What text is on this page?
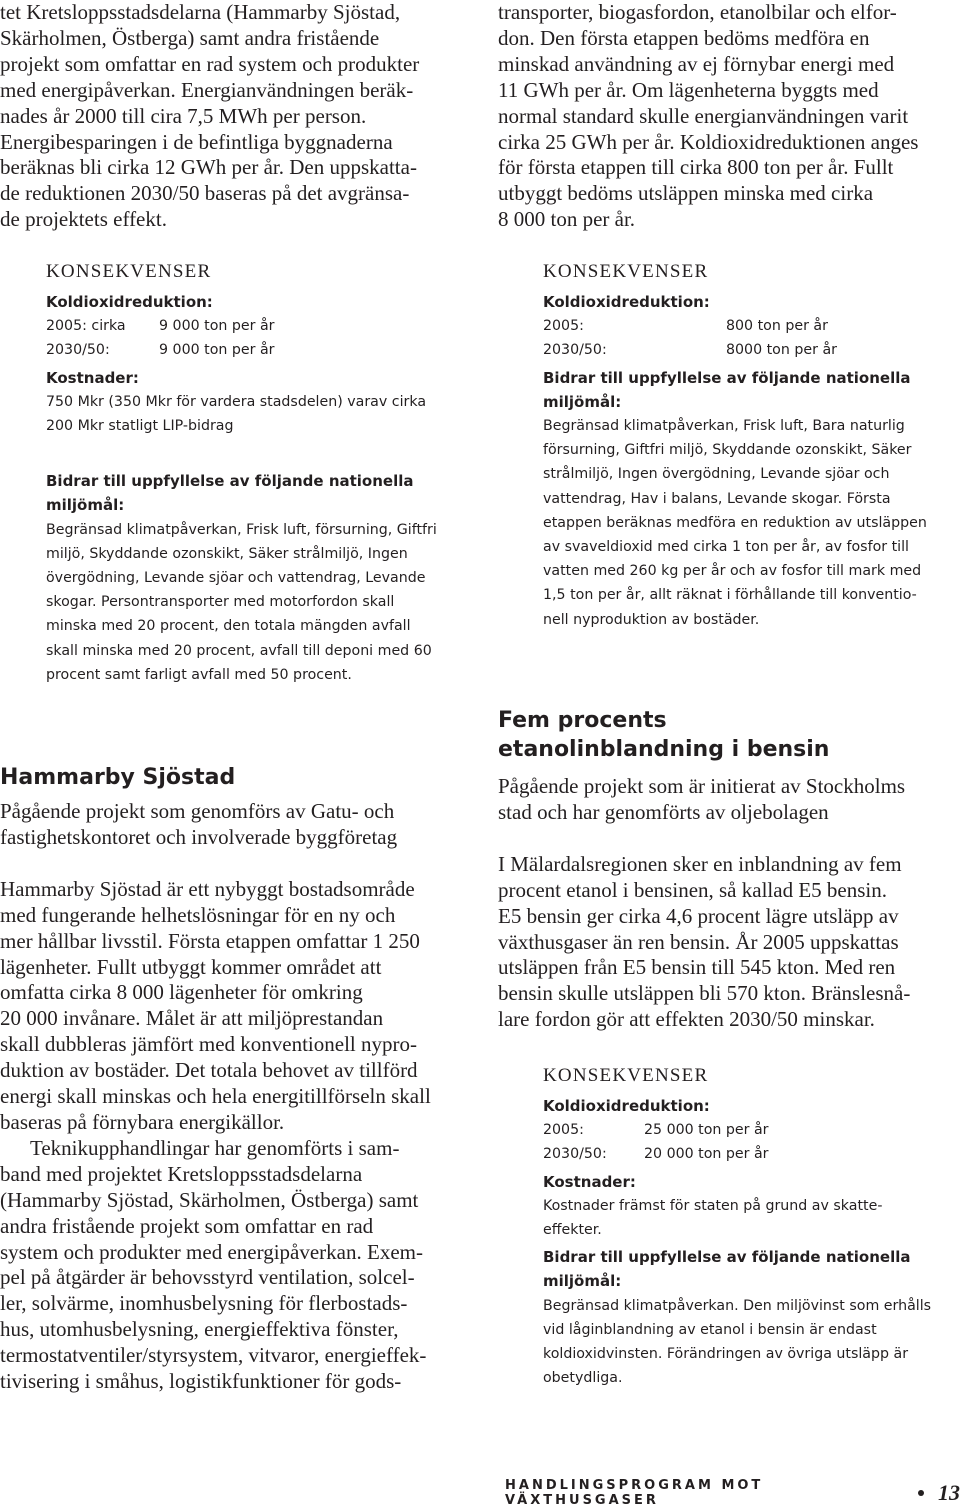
tet Kretsloppsstadsdelarna (Hammarby Sjöstad,
Skärholmen, Östberga) samt andra fristående
projekt som omfattar en rad system och produkter
med energipåverkan. Energianvändningen beräk-
nades år 2000 till cira 7,5 MWh per person.
Energibesparingen i de befintliga byggnaderna
beräknas bli cirka 12 GWh per år. Den uppskatta-
de reduktionen 2030/50 baseras på det avgränsa-
de projektets effekt.
KONSEKVENSER
Koldioxidreduktion:
2005: cirka	9 000 ton per år
2030/50:	9 000 ton per år
Kostnader:
750 Mkr (350 Mkr för vardera stadsdelen) varav cirka
200 Mkr statligt LIP-bidrag
Bidrar till uppfyllelse av följande nationella
miljömål:
Begränsad klimatpåverkan, Frisk luft, försurning, Giftfri
miljö, Skyddande ozonskikt, Säker strålmiljö, Ingen
övergödning, Levande sjöar och vattendrag, Levande
skogar. Persontransporter med motorfordon skall
minska med 20 procent, den totala mängden avfall
skall minska med 20 procent, avfall till deponi med 60
procent samt farligt avfall med 50 procent.
Hammarby Sjöstad
Pågående projekt som genomförs av Gatu- och
fastighetskontoret och involverade byggföretag
Hammarby Sjöstad är ett nybyggt bostadsområde
med fungerande helhetslösningar för en ny och
mer hållbar livsstil. Första etappen omfattar 1 250
lägenheter. Fullt utbyggt kommer området att
omfatta cirka 8 000 lägenheter för omkring
20 000 invånare. Målet är att miljöprestandan
skall dubbleras jämfört med konventionell nypro-
duktion av bostäder. Det totala behovet av tillförd
energi skall minskas och hela energitillförseln skall
baseras på förnybara energikällor.
Teknikupphandlingar har genomförts i sam-
band med projektet Kretsloppsstadsdelarna
(Hammarby Sjöstad, Skärholmen, Östberga) samt
andra fristående projekt som omfattar en rad
system och produkter med energipåverkan. Exem-
pel på åtgärder är behovsstyrd ventilation, solcel-
ler, solvärme, inomhusbelysning för flerbostads-
hus, utomhusbelysning, energieffektiva fönster,
termostatventiler/styrsystem, vitvaror, energieffek-
tivisering i småhus, logistikfunktioner för gods-
transporter, biogasfordon, etanolbilar och elfor-
don. Den första etappen bedöms medföra en
minskad användning av ej förnybar energi med
11 GWh per år. Om lägenheterna byggts med
normal standard skulle energianvändningen varit
cirka 25 GWh per år. Koldioxidreduktionen anges
för första etappen till cirka 800 ton per år. Fullt
utbyggt bedöms utsläppen minska med cirka
8 000 ton per år.
KONSEKVENSER
Koldioxidreduktion:
2005:	800 ton per år
2030/50:	8000 ton per år
Bidrar till uppfyllelse av följande nationella
miljömål:
Begränsad klimatpåverkan, Frisk luft, Bara naturlig
försurning, Giftfri miljö, Skyddande ozonskikt, Säker
strålmiljö, Ingen övergödning, Levande sjöar och
vattendrag, Hav i balans, Levande skogar. Första
etappen beräknas medföra en reduktion av utsläppen
av svaveldioxid med cirka 1 ton per år, av fosfor till
vatten med 260 kg per år och av fosfor till mark med
1,5 ton per år, allt räknat i förhållande till konventio-
nell nyproduktion av bostäder.
Fem procents
etanolinblandning i bensin
Pågående projekt som är initierat av Stockholms
stad och har genomförts av oljebolagen
I Mälardalsregionen sker en inblandning av fem
procent etanol i bensinen, så kallad E5 bensin.
E5 bensin ger cirka 4,6 procent lägre utsläpp av
växthusgaser än ren bensin. År 2005 uppskattas
utsläppen från E5 bensin till 545 kton. Med ren
bensin skulle utsläppen bli 570 kton. Bränslesnå-
lare fordon gör att effekten 2030/50 minskar.
KONSEKVENSER
Koldioxidreduktion:
2005:	25 000 ton per år
2030/50:	20 000 ton per år
Kostnader:
Kostnader främst för staten på grund av skatte-
effekter.
Bidrar till uppfyllelse av följande nationella
miljömål:
Begränsad klimatpåverkan. Den miljövinst som erhålls
vid låginblandning av etanol i bensin är endast
koldioxidvinsten. Förändringen av övriga utsläpp är
obetydliga.
HANDLINGSPROGRAM MOT VÄXTHUSGASER	13
